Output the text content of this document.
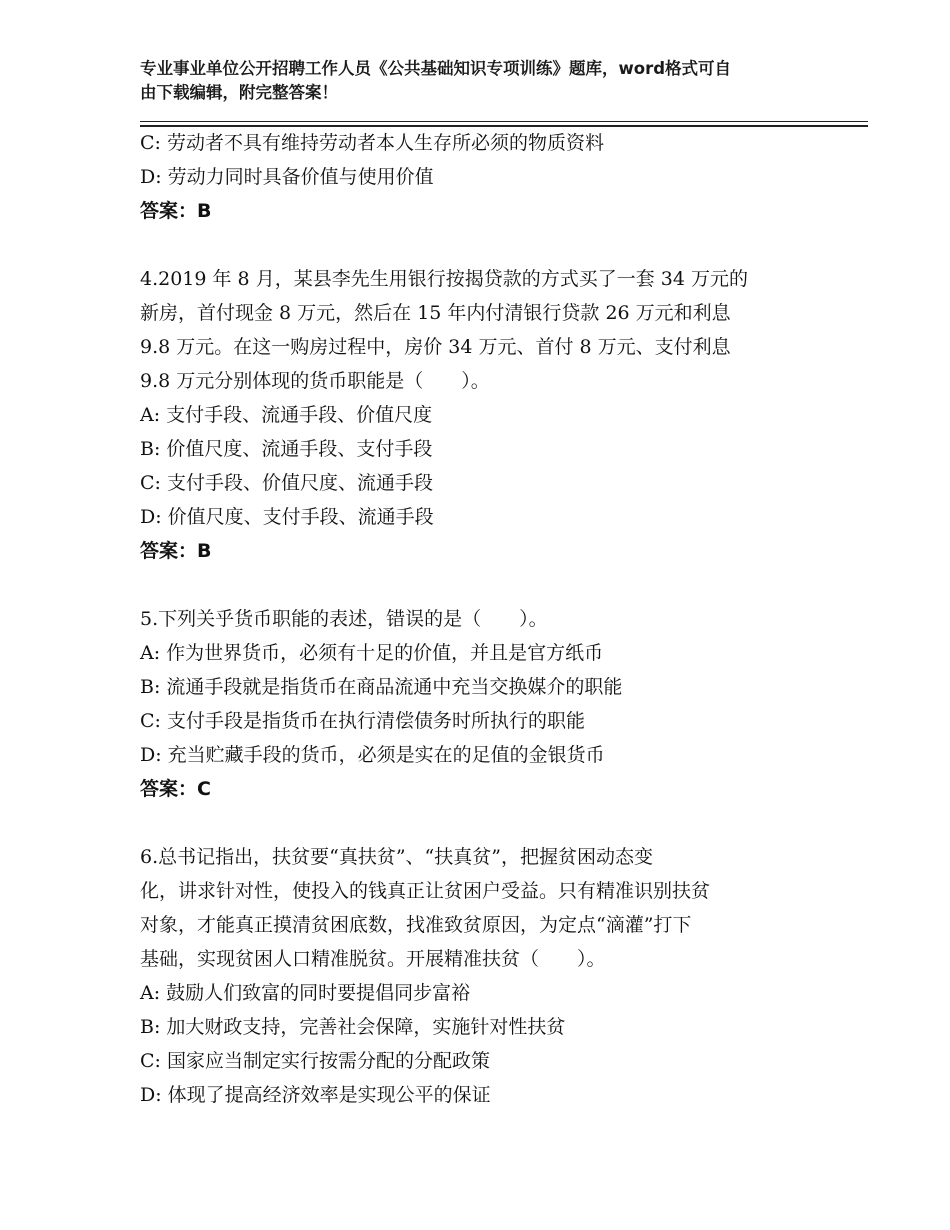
专业事业单位公开招聘工作人员《公共基础知识专项训练》题库，word格式可自
由下载编辑，附完整答案！
C: 劳动者不具有维持劳动者本人生存所必须的物质资料
D: 劳动力同时具备价值与使用价值
答案：B
4.2019 年 8 月，某县李先生用银行按揭贷款的方式买了一套 34 万元的
新房，首付现金 8 万元，然后在 15 年内付清银行贷款 26 万元和利息
9.8 万元。在这一购房过程中，房价 34 万元、首付 8 万元、支付利息
9.8 万元分别体现的货币职能是（　　）。
A: 支付手段、流通手段、价值尺度
B: 价值尺度、流通手段、支付手段
C: 支付手段、价值尺度、流通手段
D: 价值尺度、支付手段、流通手段
答案：B
5.下列关乎货币职能的表述，错误的是（　　）。
A: 作为世界货币，必须有十足的价值，并且是官方纸币
B: 流通手段就是指货币在商品流通中充当交换媒介的职能
C: 支付手段是指货币在执行清偿债务时所执行的职能
D: 充当贮藏手段的货币，必须是实在的足值的金银货币
答案：C
6.总书记指出，扶贫要“真扶贫”、“扶真贫”，把握贫困动态变
化，讲求针对性，使投入的钱真正让贫困户受益。只有精准识别扶贫
对象，才能真正摸清贫困底数，找准致贫原因，为定点“滴灌”打下
基础，实现贫困人口精准脱贫。开展精准扶贫（　　）。
A: 鼓励人们致富的同时要提倡同步富裕
B: 加大财政支持，完善社会保障，实施针对性扶贫
C: 国家应当制定实行按需分配的分配政策
D: 体现了提高经济效率是实现公平的保证
